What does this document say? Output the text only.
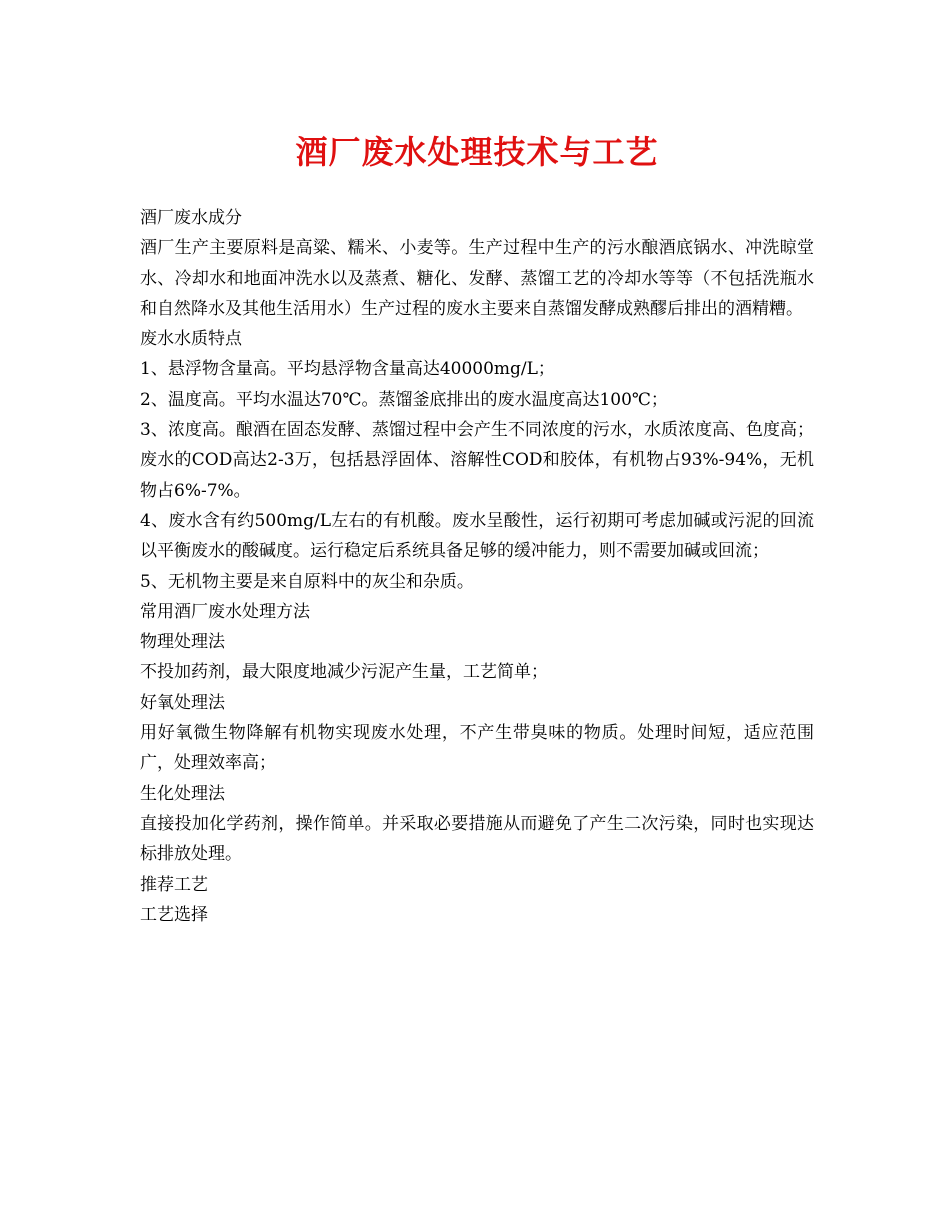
酒厂废水处理技术与工艺

酒厂废水成分

酒厂生产主要原料是高粱、糯米、小麦等。生产过程中生产的污水酿酒底锅水、冲洗晾堂水、冷却水和地面冲洗水以及蒸煮、糖化、发酵、蒸馏工艺的冷却水等等（不包括洗瓶水和自然降水及其他生活用水）生产过程的废水主要来自蒸馏发酵成熟醪后排出的酒精糟。

废水水质特点

1、悬浮物含量高。平均悬浮物含量高达40000mg/L；

2、温度高。平均水温达70℃。蒸馏釜底排出的废水温度高达100℃；

3、浓度高。酿酒在固态发酵、蒸馏过程中会产生不同浓度的污水，水质浓度高、色度高；废水的COD高达2-3万，包括悬浮固体、溶解性COD和胶体，有机物占93%-94%，无机物占6%-7%。

4、废水含有约500mg/L左右的有机酸。废水呈酸性，运行初期可考虑加碱或污泥的回流以平衡废水的酸碱度。运行稳定后系统具备足够的缓冲能力，则不需要加碱或回流；

5、无机物主要是来自原料中的灰尘和杂质。

常用酒厂废水处理方法

物理处理法

不投加药剂，最大限度地减少污泥产生量，工艺简单；

好氧处理法

用好氧微生物降解有机物实现废水处理，不产生带臭味的物质。处理时间短，适应范围广，处理效率高；

生化处理法

直接投加化学药剂，操作简单。并采取必要措施从而避免了产生二次污染，同时也实现达标排放处理。

推荐工艺

工艺选择
